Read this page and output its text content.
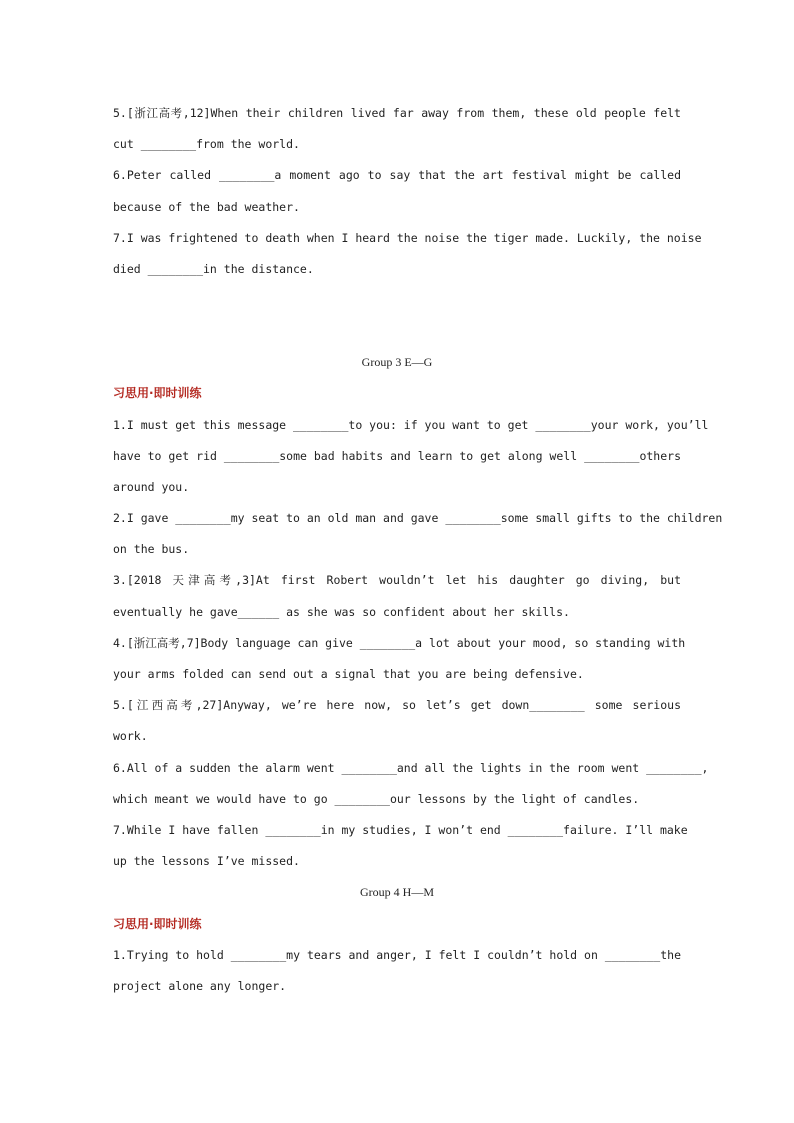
5.[浙江高考,12]When their children lived far away from them, these old people felt
cut ________from the world.
6.Peter called ________a moment ago to say that the art festival might be called
because of the bad weather.
7.I was frightened to death when I heard the noise the tiger made. Luckily, the noise
died ________in the distance.
Group 3 E—G
习思用·即时训练
1.I must get this message ________to you: if you want to get ________your work, you’ll
have to get rid ________some bad habits and learn to get along well ________others
around you.
2.I gave ________my seat to an old man and gave ________some small gifts to the children
on the bus.
3.[2018 天津高考,3]At first Robert wouldn’t let his daughter go diving, but
eventually he gave______ as she was so confident about her skills.
4.[浙江高考,7]Body language can give ________a lot about your mood, so standing with
your arms folded can send out a signal that you are being defensive.
5.[江西高考,27]Anyway, we’re here now, so let’s get down________ some serious
work.
6.All of a sudden the alarm went ________and all the lights in the room went ________,
which meant we would have to go ________our lessons by the light of candles.
7.While I have fallen ________in my studies, I won’t end ________failure. I’ll make
up the lessons I’ve missed.
Group 4 H—M
习思用·即时训练
1.Trying to hold ________my tears and anger, I felt I couldn’t hold on ________the
project alone any longer.
